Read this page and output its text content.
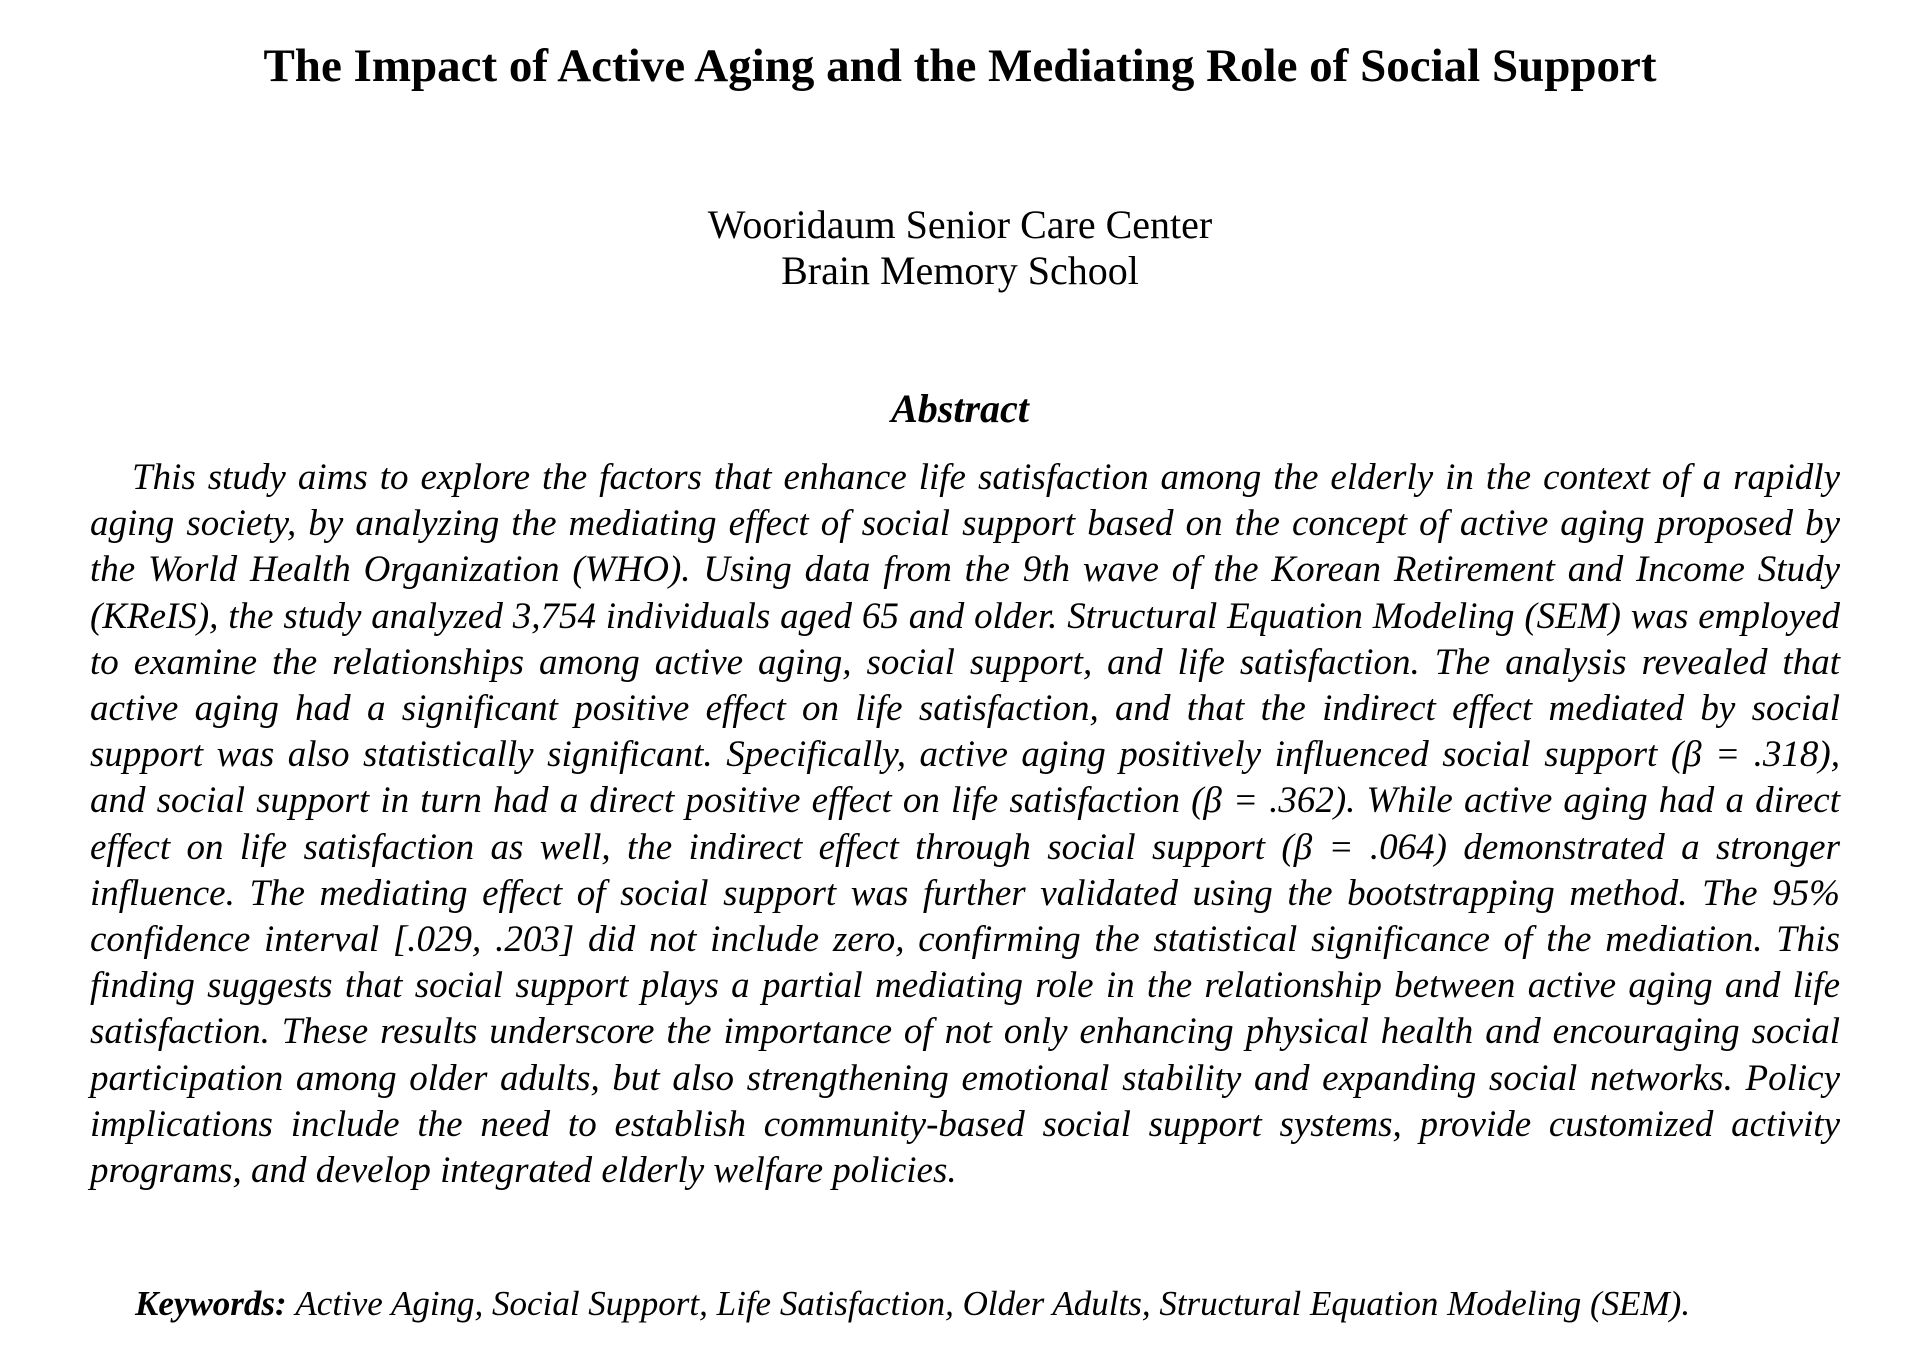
The Impact of Active Aging and the Mediating Role of Social Support
Wooridaum Senior Care Center
Brain Memory School
Abstract

This study aims to explore the factors that enhance life satisfaction among the elderly in the context of a rapidly aging society, by analyzing the mediating effect of social support based on the concept of active aging proposed by the World Health Organization (WHO). Using data from the 9th wave of the Korean Retirement and Income Study (KReIS), the study analyzed 3,754 individuals aged 65 and older. Structural Equation Modeling (SEM) was employed to examine the relationships among active aging, social support, and life satisfaction. The analysis revealed that active aging had a significant positive effect on life satisfaction, and that the indirect effect mediated by social support was also statistically significant. Specifically, active aging positively influenced social support (β = .318), and social support in turn had a direct positive effect on life satisfaction (β = .362). While active aging had a direct effect on life satisfaction as well, the indirect effect through social support (β = .064) demonstrated a stronger influence. The mediating effect of social support was further validated using the bootstrapping method. The 95% confidence interval [.029, .203] did not include zero, confirming the statistical significance of the mediation. This finding suggests that social support plays a partial mediating role in the relationship between active aging and life satisfaction. These results underscore the importance of not only enhancing physical health and encouraging social participation among older adults, but also strengthening emotional stability and expanding social networks. Policy implications include the need to establish community-based social support systems, provide customized activity programs, and develop integrated elderly welfare policies.

Keywords: Active Aging, Social Support, Life Satisfaction, Older Adults, Structural Equation Modeling (SEM).
